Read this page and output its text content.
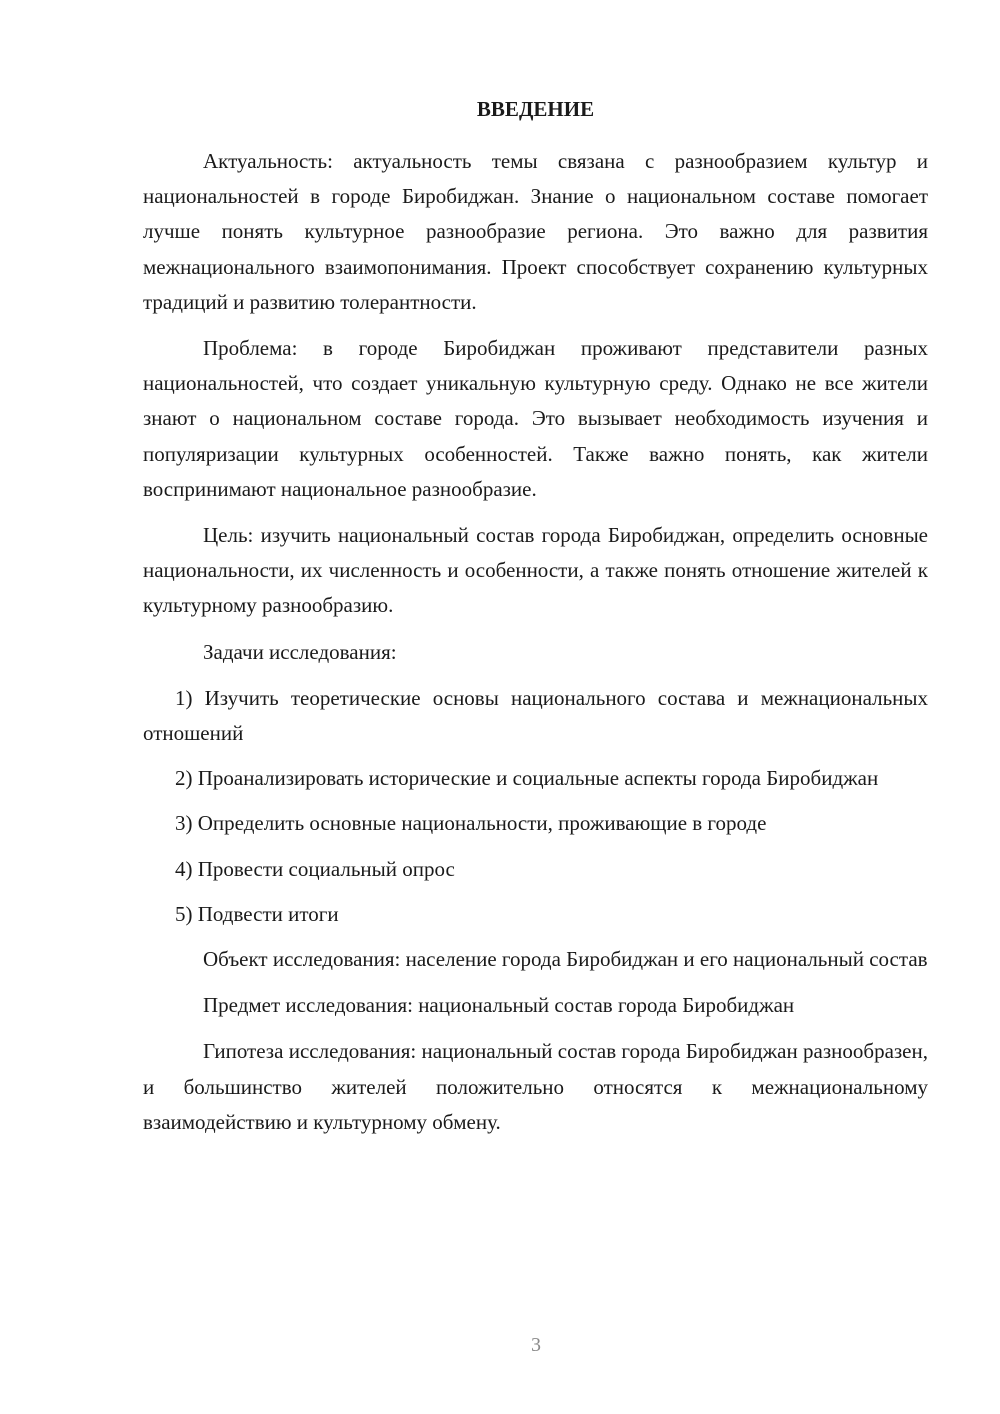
ВВЕДЕНИЕ

Актуальность: актуальность темы связана с разнообразием культур и национальностей в городе Биробиджан. Знание о национальном составе помогает лучше понять культурное разнообразие региона. Это важно для развития межнационального взаимопонимания. Проект способствует сохранению культурных традиций и развитию толерантности.

Проблема: в городе Биробиджан проживают представители разных национальностей, что создает уникальную культурную среду. Однако не все жители знают о национальном составе города. Это вызывает необходимость изучения и популяризации культурных особенностей. Также важно понять, как жители воспринимают национальное разнообразие.

Цель: изучить национальный состав города Биробиджан, определить основные национальности, их численность и особенности, а также понять отношение жителей к культурному разнообразию.

Задачи исследования:

1) Изучить теоретические основы национального состава и межнациональных отношений

2) Проанализировать исторические и социальные аспекты города Биробиджан

3) Определить основные национальности, проживающие в городе

4) Провести социальный опрос

5) Подвести итоги

Объект исследования: население города Биробиджан и его национальный состав

Предмет исследования: национальный состав города Биробиджан

Гипотеза исследования: национальный состав города Биробиджан разнообразен, и большинство жителей положительно относятся к межнациональному взаимодействию и культурному обмену.

3
